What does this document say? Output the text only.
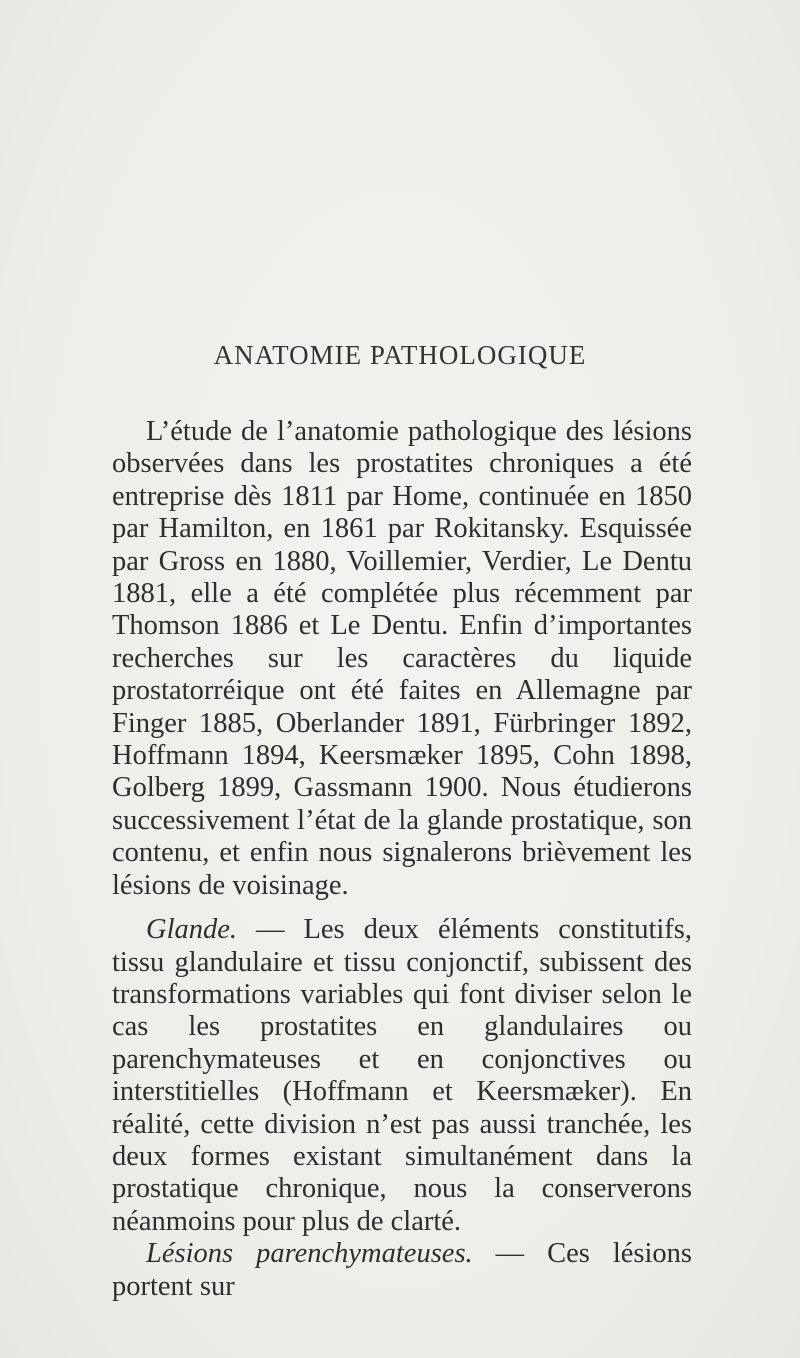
ANATOMIE PATHOLOGIQUE

L’étude de l’anatomie pathologique des lésions observées dans les prostatites chroniques a été entreprise dès 1811 par Home, continuée en 1850 par Hamilton, en 1861 par Rokitansky. Esquissée par Gross en 1880, Voillemier, Verdier, Le Dentu 1881, elle a été complétée plus récemment par Thomson 1886 et Le Dentu. Enfin d’importantes recherches sur les caractères du liquide prostatorréique ont été faites en Allemagne par Finger 1885, Oberlander 1891, Fürbringer 1892, Hoffmann 1894, Keersmæker 1895, Cohn 1898, Golberg 1899, Gassmann 1900. Nous étudierons successivement l’état de la glande prostatique, son contenu, et enfin nous signalerons brièvement les lésions de voisinage.

Glande. — Les deux éléments constitutifs, tissu glandulaire et tissu conjonctif, subissent des transformations variables qui font diviser selon le cas les prostatites en glandulaires ou parenchymateuses et en conjonctives ou interstitielles (Hoffmann et Keersmæker). En réalité, cette division n’est pas aussi tranchée, les deux formes existant simultanément dans la prostatique chronique, nous la conserverons néanmoins pour plus de clarté.

Lésions parenchymateuses. — Ces lésions portent sur
